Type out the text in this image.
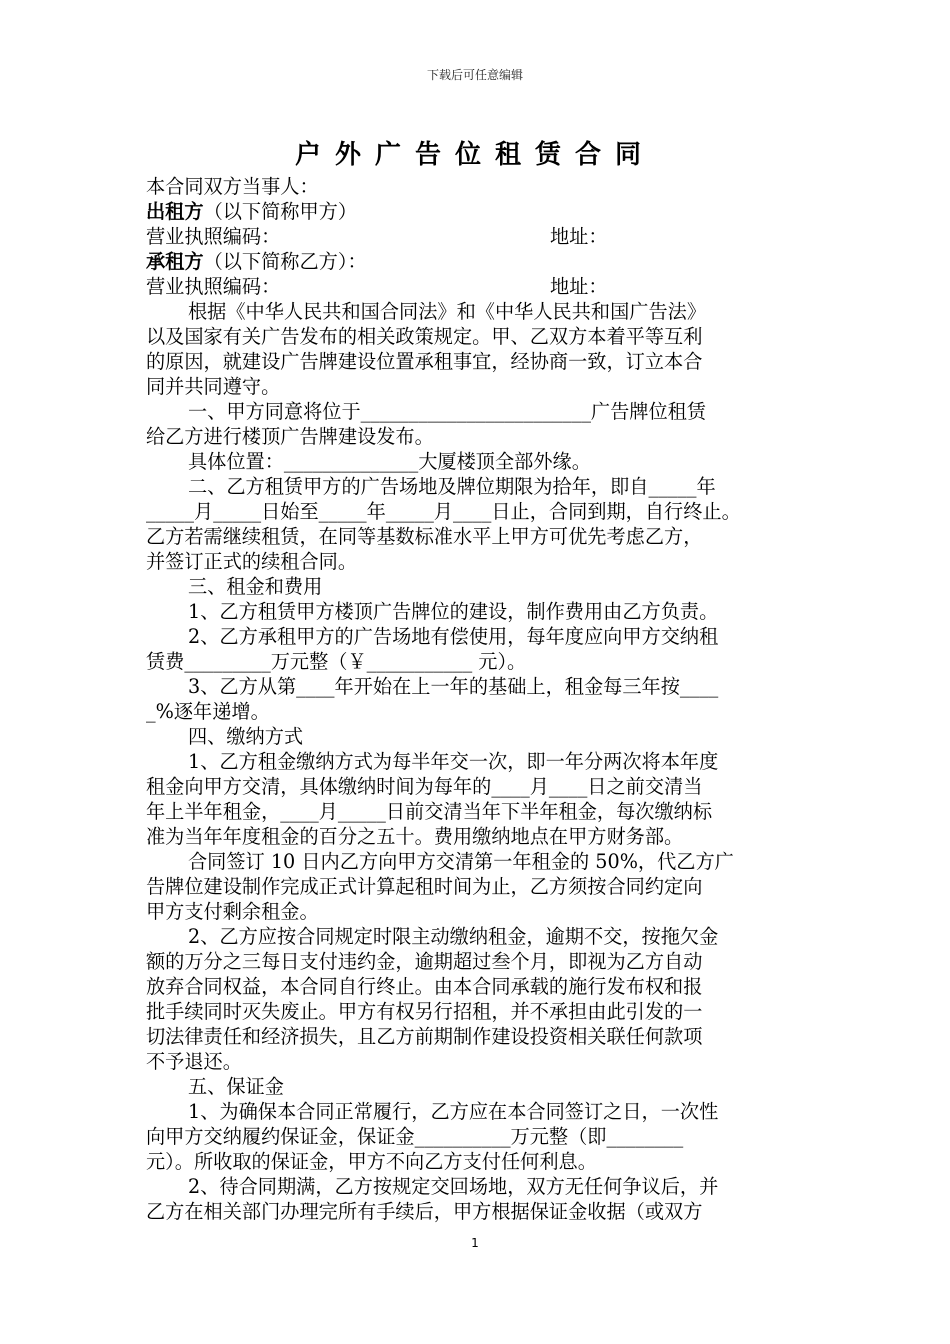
下载后可任意编辑
户外广告位租赁合同
本合同双方当事人：
出租方（以下简称甲方）
营业执照编码：	地址：
承租方（以下简称乙方）：
营业执照编码：	地址：
根据《中华人民共和国合同法》和《中华人民共和国广告法》
以及国家有关广告发布的相关政策规定。甲、乙双方本着平等互利
的原因，就建设广告牌建设位置承租事宜，经协商一致，订立本合
同并共同遵守。
一、甲方同意将位于________________________广告牌位租赁
给乙方进行楼顶广告牌建设发布。
具体位置：______________大厦楼顶全部外缘。
二、乙方租赁甲方的广告场地及牌位期限为拾年，即自_____年
_____月_____日始至_____年_____月____日止，合同到期，自行终止。
乙方若需继续租赁，在同等基数标准水平上甲方可优先考虑乙方，
并签订正式的续租合同。
三、租金和费用
1、乙方租赁甲方楼顶广告牌位的建设，制作费用由乙方负责。
2、乙方承租甲方的广告场地有偿使用，每年度应向甲方交纳租
赁费_________万元整（￥___________ 元）。
3、乙方从第____年开始在上一年的基础上，租金每三年按____
_%逐年递增。
四、缴纳方式
1、乙方租金缴纳方式为每半年交一次，即一年分两次将本年度
租金向甲方交清，具体缴纳时间为每年的____月____日之前交清当
年上半年租金，____月_____日前交清当年下半年租金，每次缴纳标
准为当年年度租金的百分之五十。费用缴纳地点在甲方财务部。
合同签订 10 日内乙方向甲方交清第一年租金的 50%，代乙方广
告牌位建设制作完成正式计算起租时间为止，乙方须按合同约定向
甲方支付剩余租金。
2、乙方应按合同规定时限主动缴纳租金，逾期不交，按拖欠金
额的万分之三每日支付违约金，逾期超过叁个月，即视为乙方自动
放弃合同权益，本合同自行终止。由本合同承载的施行发布权和报
批手续同时灭失废止。甲方有权另行招租，并不承担由此引发的一
切法律责任和经济损失，且乙方前期制作建设投资相关联任何款项
不予退还。
五、保证金
1、为确保本合同正常履行，乙方应在本合同签订之日，一次性
向甲方交纳履约保证金，保证金__________万元整（即________
元）。所收取的保证金，甲方不向乙方支付任何利息。
2、待合同期满，乙方按规定交回场地，双方无任何争议后，并
乙方在相关部门办理完所有手续后，甲方根据保证金收据（或双方
1
